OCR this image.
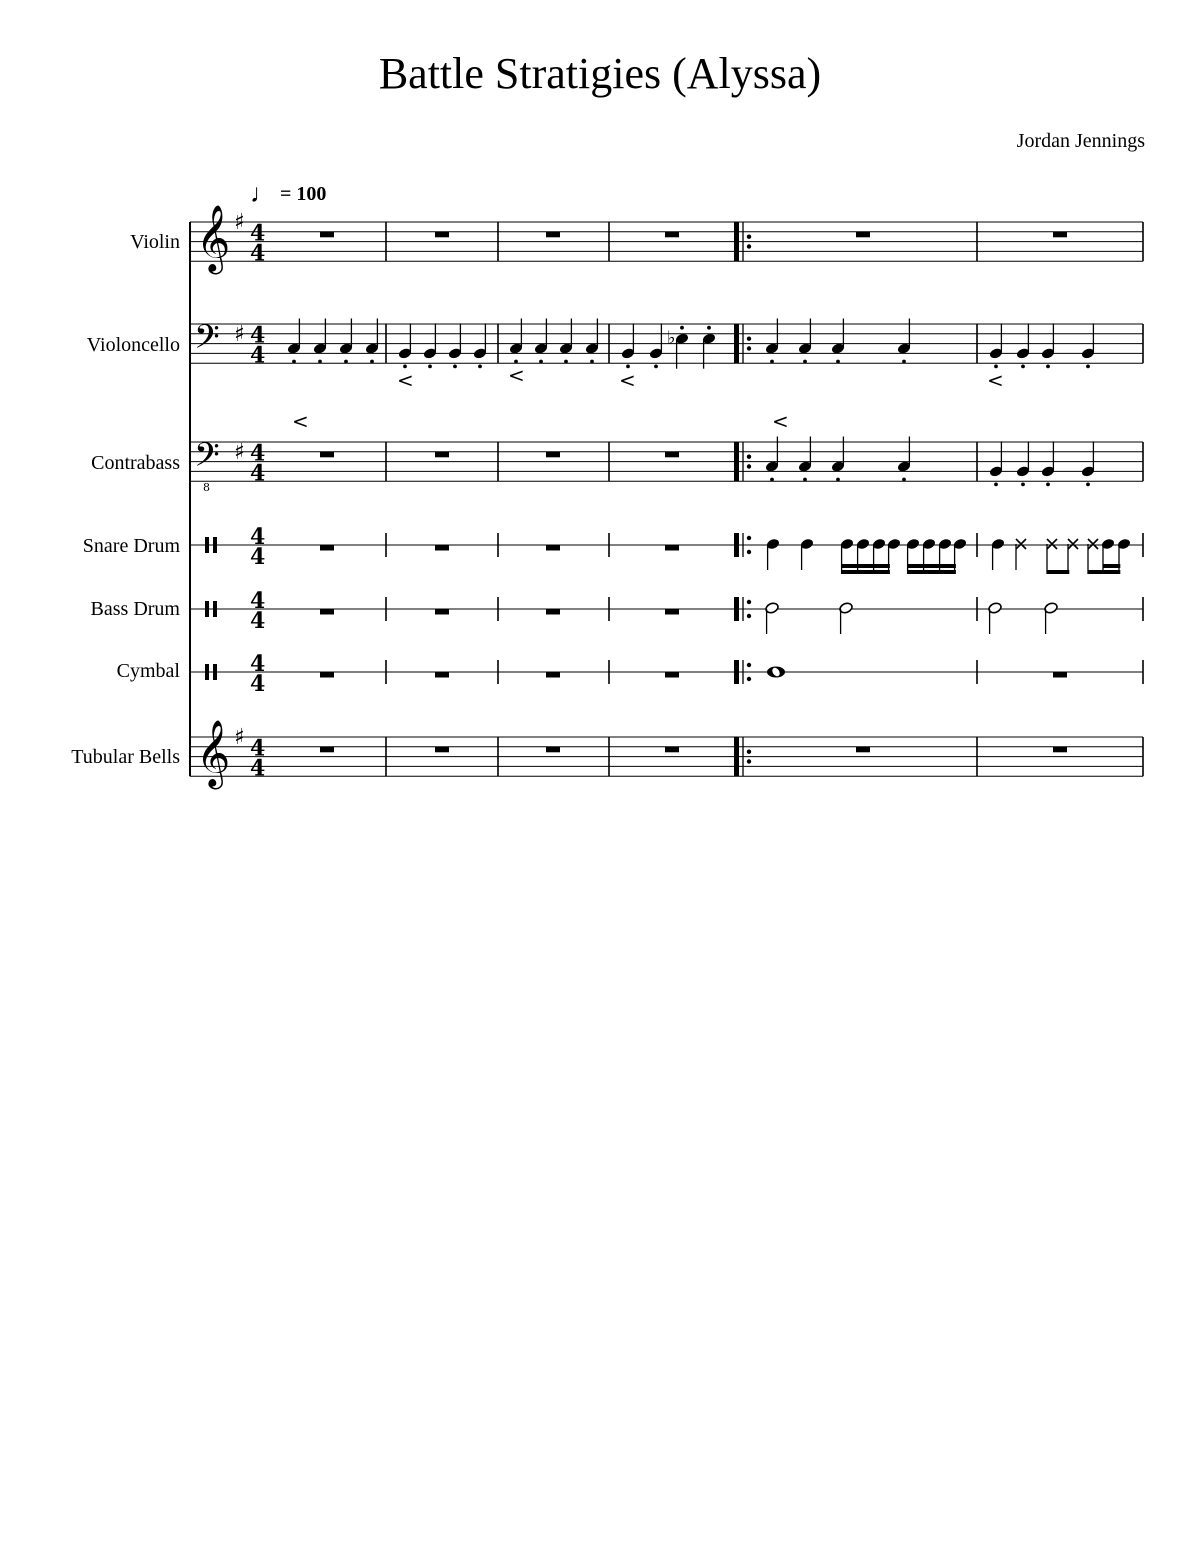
Battle Stratigies (Alyssa)
Jordan Jennings
♩ = 100
Violin
Violoncello
Contrabass
Snare Drum
Bass Drum
Cymbal
Tubular Bells
𝄞 ♯ 4
4
𝄢 ♯ 4
4
𝄢
8
♯ 4
4
4
4
4
4
4
4
𝄞 ♯ 4
4
<	<	<
♭
<
<	<
